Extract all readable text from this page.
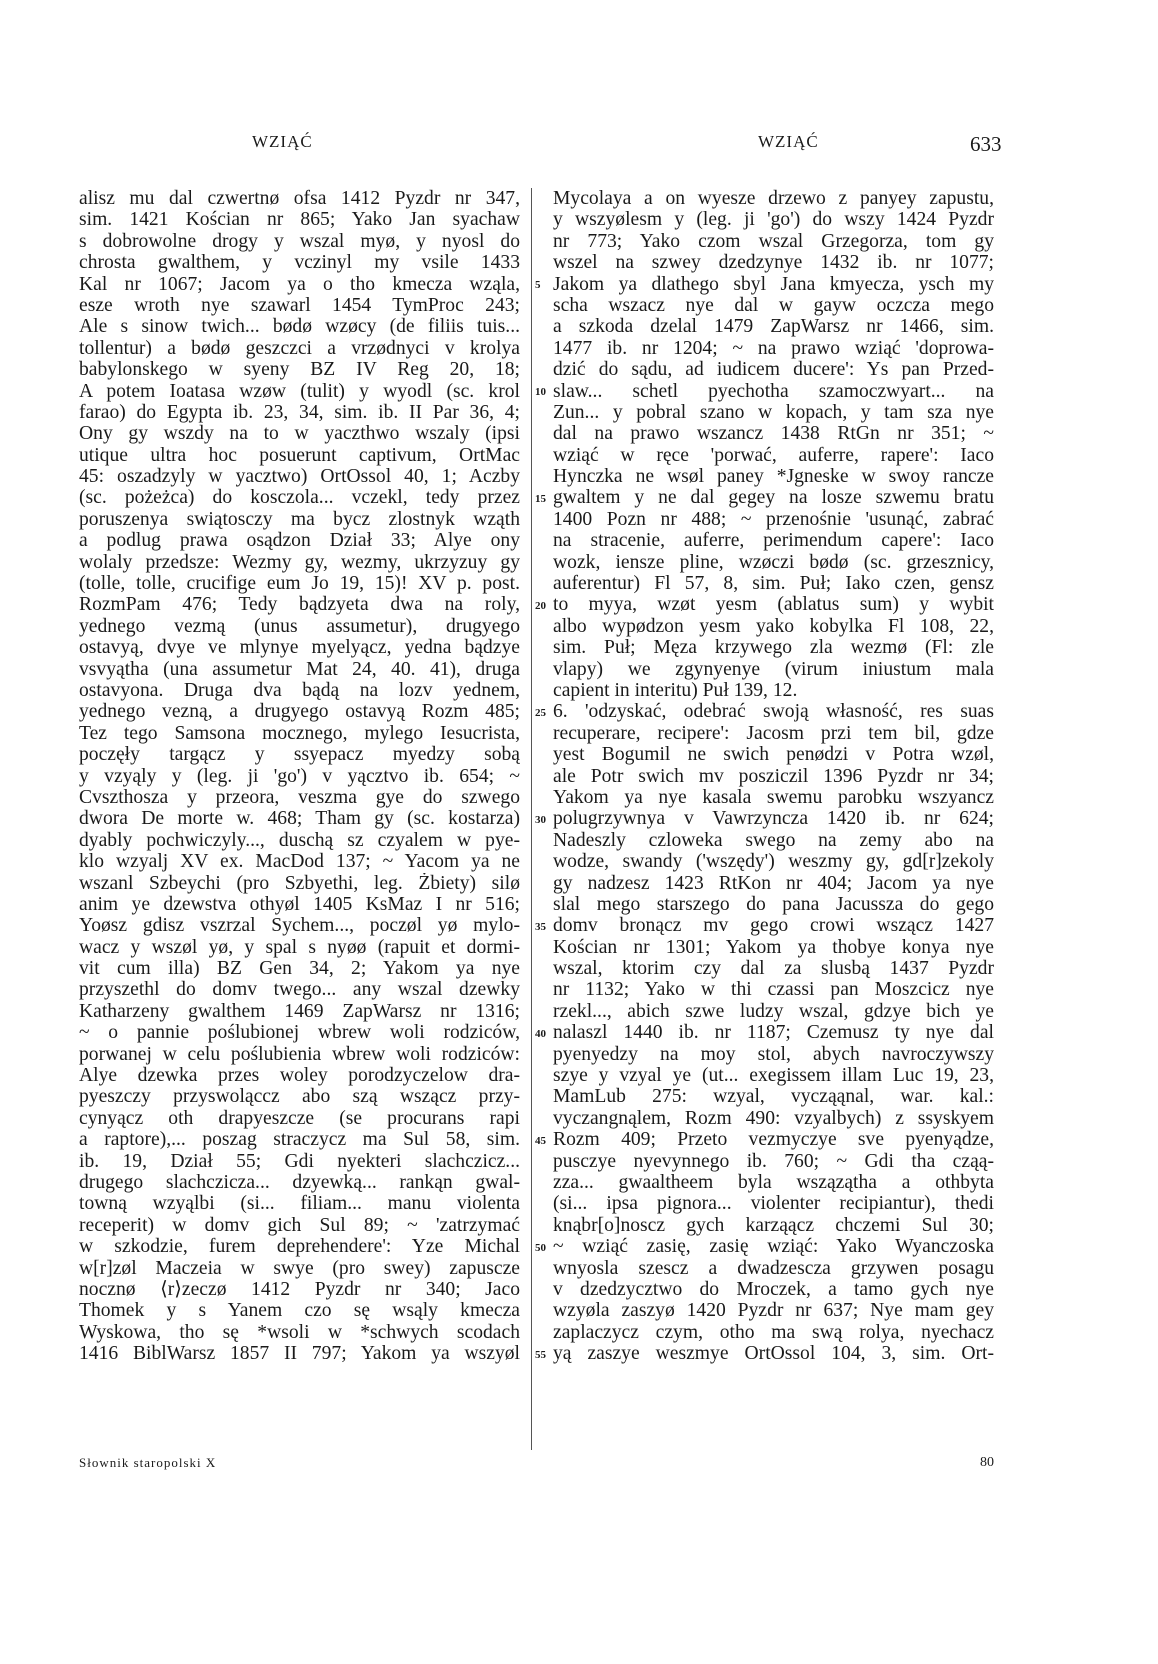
WZIĄĆ	WZIĄĆ	633
alisz mu dal czwertnø ofsa 1412 Pyzdr nr 347,
sim. 1421 Kościan nr 865; Yako Jan syachaw
s dobrowolne drogy y wszal myø, y nyosl do
chrosta gwalthem, y vczinyl my vsile 1433
Kal nr 1067; Jacom ya o tho kmecza wząla,
esze wroth nye szawarl 1454 TymProc 243;
Ale s sinow twich... bødø wzøcy (de filiis tuis...
tollentur) a bødø geszczci a vrzødnyci v krolya
babylonskego w syeny BZ IV Reg 20, 18;
A potem Ioatasa wzøw (tulit) y wyodl (sc. krol
farao) do Egypta ib. 23, 34, sim. ib. II Par 36, 4;
Ony gy wszdy na to w yaczthwo wszaly (ipsi
utique ultra hoc posuerunt captivum, OrtMac
45: oszadzyly w yacztwo) OrtOssol 40, 1; Aczby
(sc. pożeżca) do kosczola... vczekl, tedy przez
poruszenya swiątosczy ma bycz zlostnyk wząth
a podlug prawa osądzon Dział 33; Alye ony
wolaly przedsze: Wezmy gy, wezmy, ukrzyzuy gy
(tolle, tolle, crucifige eum Jo 19, 15)! XV p. post.
RozmPam 476; Tedy bądzyeta dwa na roly,
yednego vezmą (unus assumetur), drugyego
ostavyą, dvye ve mlynye myelyącz, yedna bądzye
vsvyątha (una assumetur Mat 24, 40. 41), druga
ostavyona. Druga dva bądą na lozv yednem,
yednego vezną, a drugyego ostavyą Rozm 485;
Tez tego Samsona mocznego, mylego Iesucrista,
poczęły targącz y ssyepacz myedzy sobą
y vzyąly y (leg. ji 'go') v yącztvo ib. 654; ~
Cvszthosza y przeora, veszma gye do szwego
dwora De morte w. 468; Tham gy (sc. kostarza)
dyably pochwiczyly..., duschą sz czyalem w pye-
klo wzyalj XV ex. MacDod 137; ~ Yacom ya ne
wszanl Szbeychi (pro Szbyethi, leg. Żbiety) silø
anim ye dzewstva othyøl 1405 KsMaz I nr 516;
Yoøsz gdisz vszrzal Sychem..., poczøl yø mylo-
wacz y wszøl yø, y spal s nyøø (rapuit et dormi-
vit cum illa) BZ Gen 34, 2; Yakom ya nye
przyszethl do domv twego... any wszal dzewky
Katharzeny gwalthem 1469 ZapWarsz nr 1316;
~ o pannie poślubionej wbrew woli rodziców,
porwanej w celu poślubienia wbrew woli rodziców:
Alye dzewka przes woley porodzyczelow dra-
pyeszczy przyswoląccz abo szą wszącz przy-
cynyącz oth drapyeszcze (se procurans rapi
a raptore),... poszag straczycz ma Sul 58, sim.
ib. 19, Dział 55; Gdi nyekteri slachczicz...
drugego slachczicza... dzyewką... rankąn gwal-
towną wzyąlbi (si... filiam... manu violenta
receperit) w domv gich Sul 89; ~ 'zatrzymać
w szkodzie, furem deprehendere': Yze Michal
w[r]zøl Maczeia w swye (pro swey) zapuscze
nocznø ⟨r⟩zeczø 1412 Pyzdr nr 340; Jaco
Thomek y s Yanem czo sę wsąly kmecza
Wyskowa, tho sę *wsoli w *schwych scodach
1416 BiblWarsz 1857 II 797; Yakom ya wszyøl
5
10
15
20
25
30
35
40
45
50
55
Mycolaya a on wyesze drzewo z panyey zapustu,
y wszyølesm y (leg. ji 'go') do wszy 1424 Pyzdr
nr 773; Yako czom wszal Grzegorza, tom gy
wszel na szwey dzedzynye 1432 ib. nr 1077;
Jakom ya dlathego sbyl Jana kmyecza, ysch my
scha wszacz nye dal w gayw oczcza mego
a szkoda dzelal 1479 ZapWarsz nr 1466, sim.
1477 ib. nr 1204; ~ na prawo wziąć 'doprowa-
dzić do sądu, ad iudicem ducere': Ys pan Przed-
slaw... schetl pyechotha szamoczwyart... na
Zun... y pobral szano w kopach, y tam sza nye
dal na prawo wszancz 1438 RtGn nr 351; ~
wziąć w ręce 'porwać, auferre, rapere': Iaco
Hynczka ne wsøl paney *Jgneske w swoy rancze
gwaltem y ne dal gegey na losze szwemu bratu
1400 Pozn nr 488; ~ przenośnie 'usunąć, zabrać
na stracenie, auferre, perimendum capere': Iaco
wozk, iensze pline, wzøczi bødø (sc. grzesznicy,
auferentur) Fl 57, 8, sim. Puł; Iako czen, gensz
to myya, wzøt yesm (ablatus sum) y wybit
albo wypødzon yesm yako kobylka Fl 108, 22,
sim. Puł; Męza krzywego zla wezmø (Fl: zle
vlapy) we zgynyenye (virum iniustum mala
capient in interitu) Puł 139, 12.
6. 'odzyskać, odebrać swoją własność, res suas
recuperare, recipere': Jacosm przi tem bil, gdze
yest Bogumil ne swich penødzi v Potra wzøl,
ale Potr swich mv posziczil 1396 Pyzdr nr 34;
Yakom ya nye kasala swemu parobku wszyancz
polugrzywnya v Vawrzyncza 1420 ib. nr 624;
Nadeszly czloweka swego na zemy abo na
wodze, swandy ('wszędy') weszmy gy, gd[r]zekoly
gy nadzesz 1423 RtKon nr 404; Jacom ya nye
slal mego starszego do pana Jacussza do gego
domv bronącz mv gego crowi wszącz 1427
Kościan nr 1301; Yakom ya thobye konya nye
wszal, ktorim czy dal za slusbą 1437 Pyzdr
nr 1132; Yako w thi czassi pan Moszcicz nye
rzekl..., abich szwe ludzy wszal, gdzye bich ye
nalaszl 1440 ib. nr 1187; Czemusz ty nye dal
pyenyedzy na moy stol, abych navroczywszy
szye y vzyal ye (ut... exegissem illam Luc 19, 23,
MamLub 275: wzyal, vycząąnal, war. kal.:
vyczangnąlem, Rozm 490: vzyalbych) z ssyskyem
Rozm 409; Przeto vezmyczye sve pyenyądze,
pusczye nyevynnego ib. 760; ~ Gdi tha cząą-
zza... gwaaltheem byla wszązątha a othbyta
(si... ipsa pignora... violenter recipiantur), thedi
knąbr[o]noscz gych karząącz chczemi Sul 30;
~ wziąć zasię, zasię wziąć: Yako Wyanczoska
wnyosla szescz a dwadzescza grzywen posagu
v dzedzycztwo do Mroczek, a tamo gych nye
wzyøla zaszyø 1420 Pyzdr nr 637; Nye mam gey
zaplaczycz czym, otho ma swą rolya, nyechacz
yą zaszye weszmye OrtOssol 104, 3, sim. Ort-
Słownik staropolski X	80
